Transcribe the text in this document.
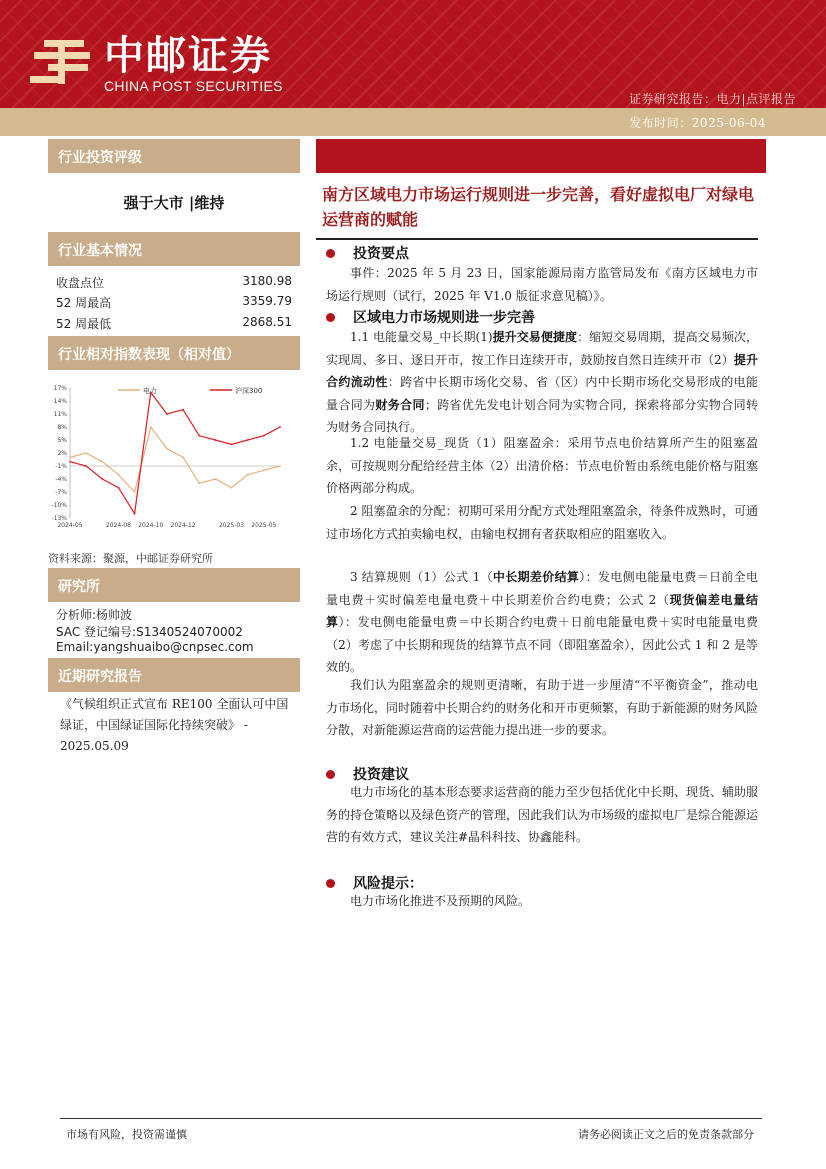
中邮证券
CHINA POST SECURITIES
证券研究报告：电力|点评报告
发布时间：2025-06-04
行业投资评级
强于大市 |维持
行业基本情况
收盘点位	3180.98
52 周最高	3359.79
52 周最低	2868.51
行业相对指数表现（相对值）
17%
14%
11%
8%
5%
2%
-1%
-4%
-7%
-10%
-13%
2024-05	2024-08 2024-10 2024-12	2025-03 2025-05
电力	沪深300
资料来源：聚源，中邮证券研究所
研究所
分析师:杨帅波
SAC 登记编号:S1340524070002
Email:yangshuaibo@cnpsec.com
近期研究报告
《气候组织正式宣布 RE100 全面认可中国绿证，中国绿证国际化持续突破》 - 2025.05.09
南方区域电力市场运行规则进一步完善，看好虚拟电厂对绿电运营商的赋能
投资要点
事件：2025 年 5 月 23 日，国家能源局南方监管局发布《南方区域电力市场运行规则（试行，2025 年 V1.0 版征求意见稿）》。
区域电力市场规则进一步完善
1.1 电能量交易_中长期(1)提升交易便捷度：缩短交易周期，提高交易频次，实现周、多日、逐日开市，按工作日连续开市，鼓励按自然日连续开市（2）提升合约流动性：跨省中长期市场化交易、省（区）内中长期市场化交易形成的电能量合同为财务合同；跨省优先发电计划合同为实物合同，探索将部分实物合同转为财务合同执行。
1.2 电能量交易_现货（1）阻塞盈余：采用节点电价结算所产生的阻塞盈余，可按规则分配给经营主体（2）出清价格：节点电价暂由系统电能价格与阻塞价格两部分构成。
2 阻塞盈余的分配：初期可采用分配方式处理阻塞盈余，待条件成熟时，可通过市场化方式拍卖输电权，由输电权拥有者获取相应的阻塞收入。
3 结算规则（1）公式 1（中长期差价结算）：发电侧电能量电费＝日前全电量电费＋实时偏差电量电费＋中长期差价合约电费；公式 2（现货偏差电量结算）：发电侧电能量电费＝中长期合约电费＋日前电能量电费＋实时电能量电费（2）考虑了中长期和现货的结算节点不同（即阻塞盈余），因此公式 1 和 2 是等效的。
我们认为阻塞盈余的规则更清晰，有助于进一步厘清“不平衡资金”，推动电力市场化，同时随着中长期合约的财务化和开市更频繁，有助于新能源的财务风险分散，对新能源运营商的运营能力提出进一步的要求。
投资建议
电力市场化的基本形态要求运营商的能力至少包括优化中长期、现货、辅助服务的持仓策略以及绿色资产的管理，因此我们认为市场级的虚拟电厂是综合能源运营的有效方式，建议关注#晶科科技、协鑫能科。
风险提示：
电力市场化推进不及预期的风险。
市场有风险，投资需谨慎	请务必阅读正文之后的免责条款部分
